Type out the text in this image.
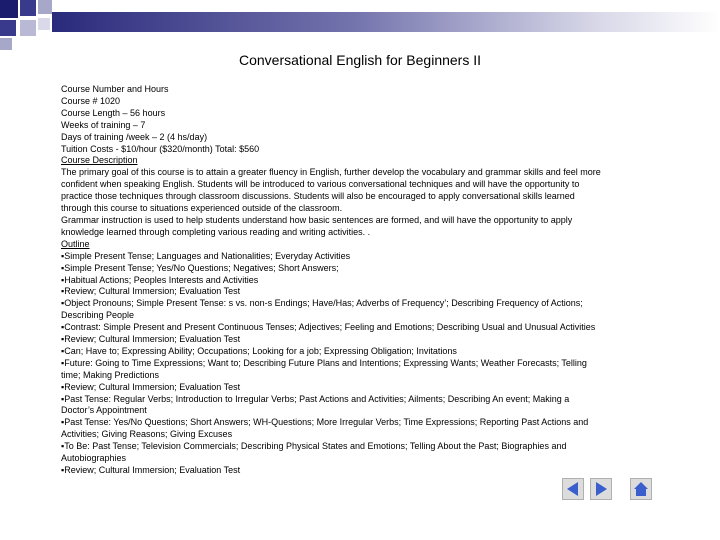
Conversational English for Beginners II
Course Number and Hours
Course # 1020
Course Length – 56 hours
Weeks of training – 7
Days of training /week – 2 (4 hs/day)
Tuition Costs - $10/hour ($320/month) Total: $560
Course Description
The primary goal of this course is to attain a greater fluency in English, further develop the vocabulary and grammar skills and feel more
confident when speaking English. Students will be introduced to various conversational techniques and will have the opportunity to
practice those techniques through classroom discussions. Students will also be encouraged to apply conversational skills learned
through this course to situations experienced outside of the classroom.
Grammar instruction is used to help students understand how basic sentences are formed, and will have the opportunity to apply
knowledge learned through completing various reading and writing activities. .
Outline
▪Simple Present Tense; Languages and Nationalities; Everyday Activities
▪Simple Present Tense; Yes/No Questions; Negatives; Short Answers;
▪Habitual Actions; Peoples Interests and Activities
▪Review; Cultural Immersion; Evaluation Test
▪Object Pronouns; Simple Present Tense: s vs. non-s Endings; Have/Has; Adverbs of Frequency’; Describing Frequency of Actions;
Describing People
▪Contrast: Simple Present and Present Continuous Tenses; Adjectives; Feeling and Emotions; Describing Usual and Unusual Activities
▪Review; Cultural Immersion; Evaluation Test
▪Can; Have to; Expressing Ability; Occupations; Looking for a job; Expressing Obligation; Invitations
▪Future: Going to Time Expressions; Want to; Describing Future Plans and Intentions; Expressing Wants; Weather Forecasts; Telling
time; Making Predictions
▪Review; Cultural Immersion; Evaluation Test
▪Past Tense: Regular Verbs; Introduction to Irregular Verbs; Past Actions and Activities; Ailments; Describing An event; Making a
Doctor’s Appointment
▪Past Tense: Yes/No Questions; Short Answers; WH-Questions; More Irregular Verbs; Time Expressions; Reporting Past Actions and
Activities; Giving Reasons; Giving Excuses
▪To Be: Past Tense; Television Commercials; Describing Physical States and Emotions; Telling About the Past; Biographies and
Autobiographies
▪Review; Cultural Immersion; Evaluation Test
